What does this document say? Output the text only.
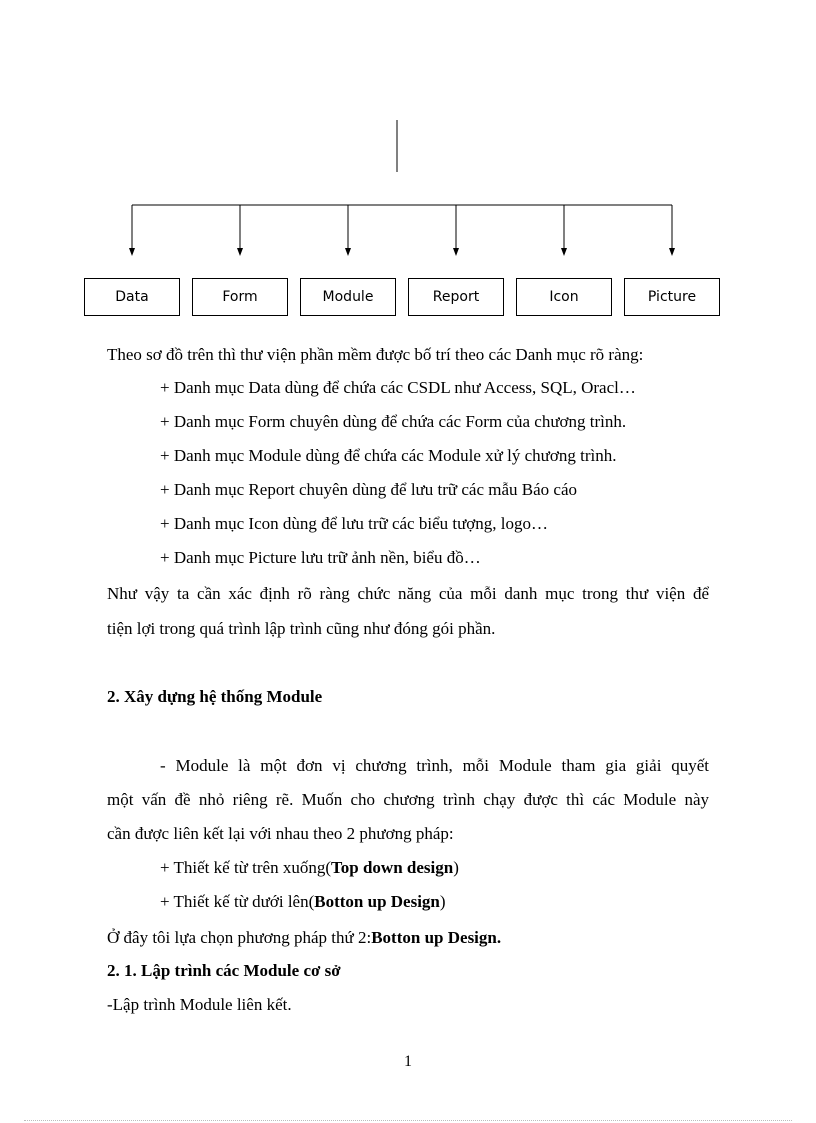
Data	Form	Module	Report	Icon	Picture
Theo sơ đồ trên thì thư viện phần mềm được bố trí theo các Danh mục rõ ràng:
+ Danh mục Data dùng để chứa các CSDL như Access, SQL, Oracl…
+ Danh mục Form chuyên dùng để chứa các Form của chương trình.
+ Danh mục Module dùng để chứa các Module xử lý chương trình.
+ Danh mục Report chuyên dùng để lưu trữ các mẫu Báo cáo
+ Danh mục Icon dùng để lưu trữ các biểu tượng, logo…
+ Danh mục Picture lưu trữ ảnh nền, biểu đồ…

Như vậy ta cần xác định rõ ràng chức năng của mỗi danh mục trong thư viện để

tiện lợi trong quá trình lập trình cũng như đóng gói phần.
2. Xây dựng hệ thống Module

- Module là một đơn vị chương trình, mỗi Module tham gia giải quyết

một vấn đề nhỏ riêng rẽ. Muốn cho chương trình chạy được thì các Module này

cần được liên kết lại với nhau theo 2 phương pháp:
+ Thiết kế từ trên xuống(Top down design)
+ Thiết kế từ dưới lên(Botton up Design)
Ở đây tôi lựa chọn phương pháp thứ 2:Botton up Design.
2. 1. Lập trình các Module cơ sở
-Lập trình Module liên kết.
1
